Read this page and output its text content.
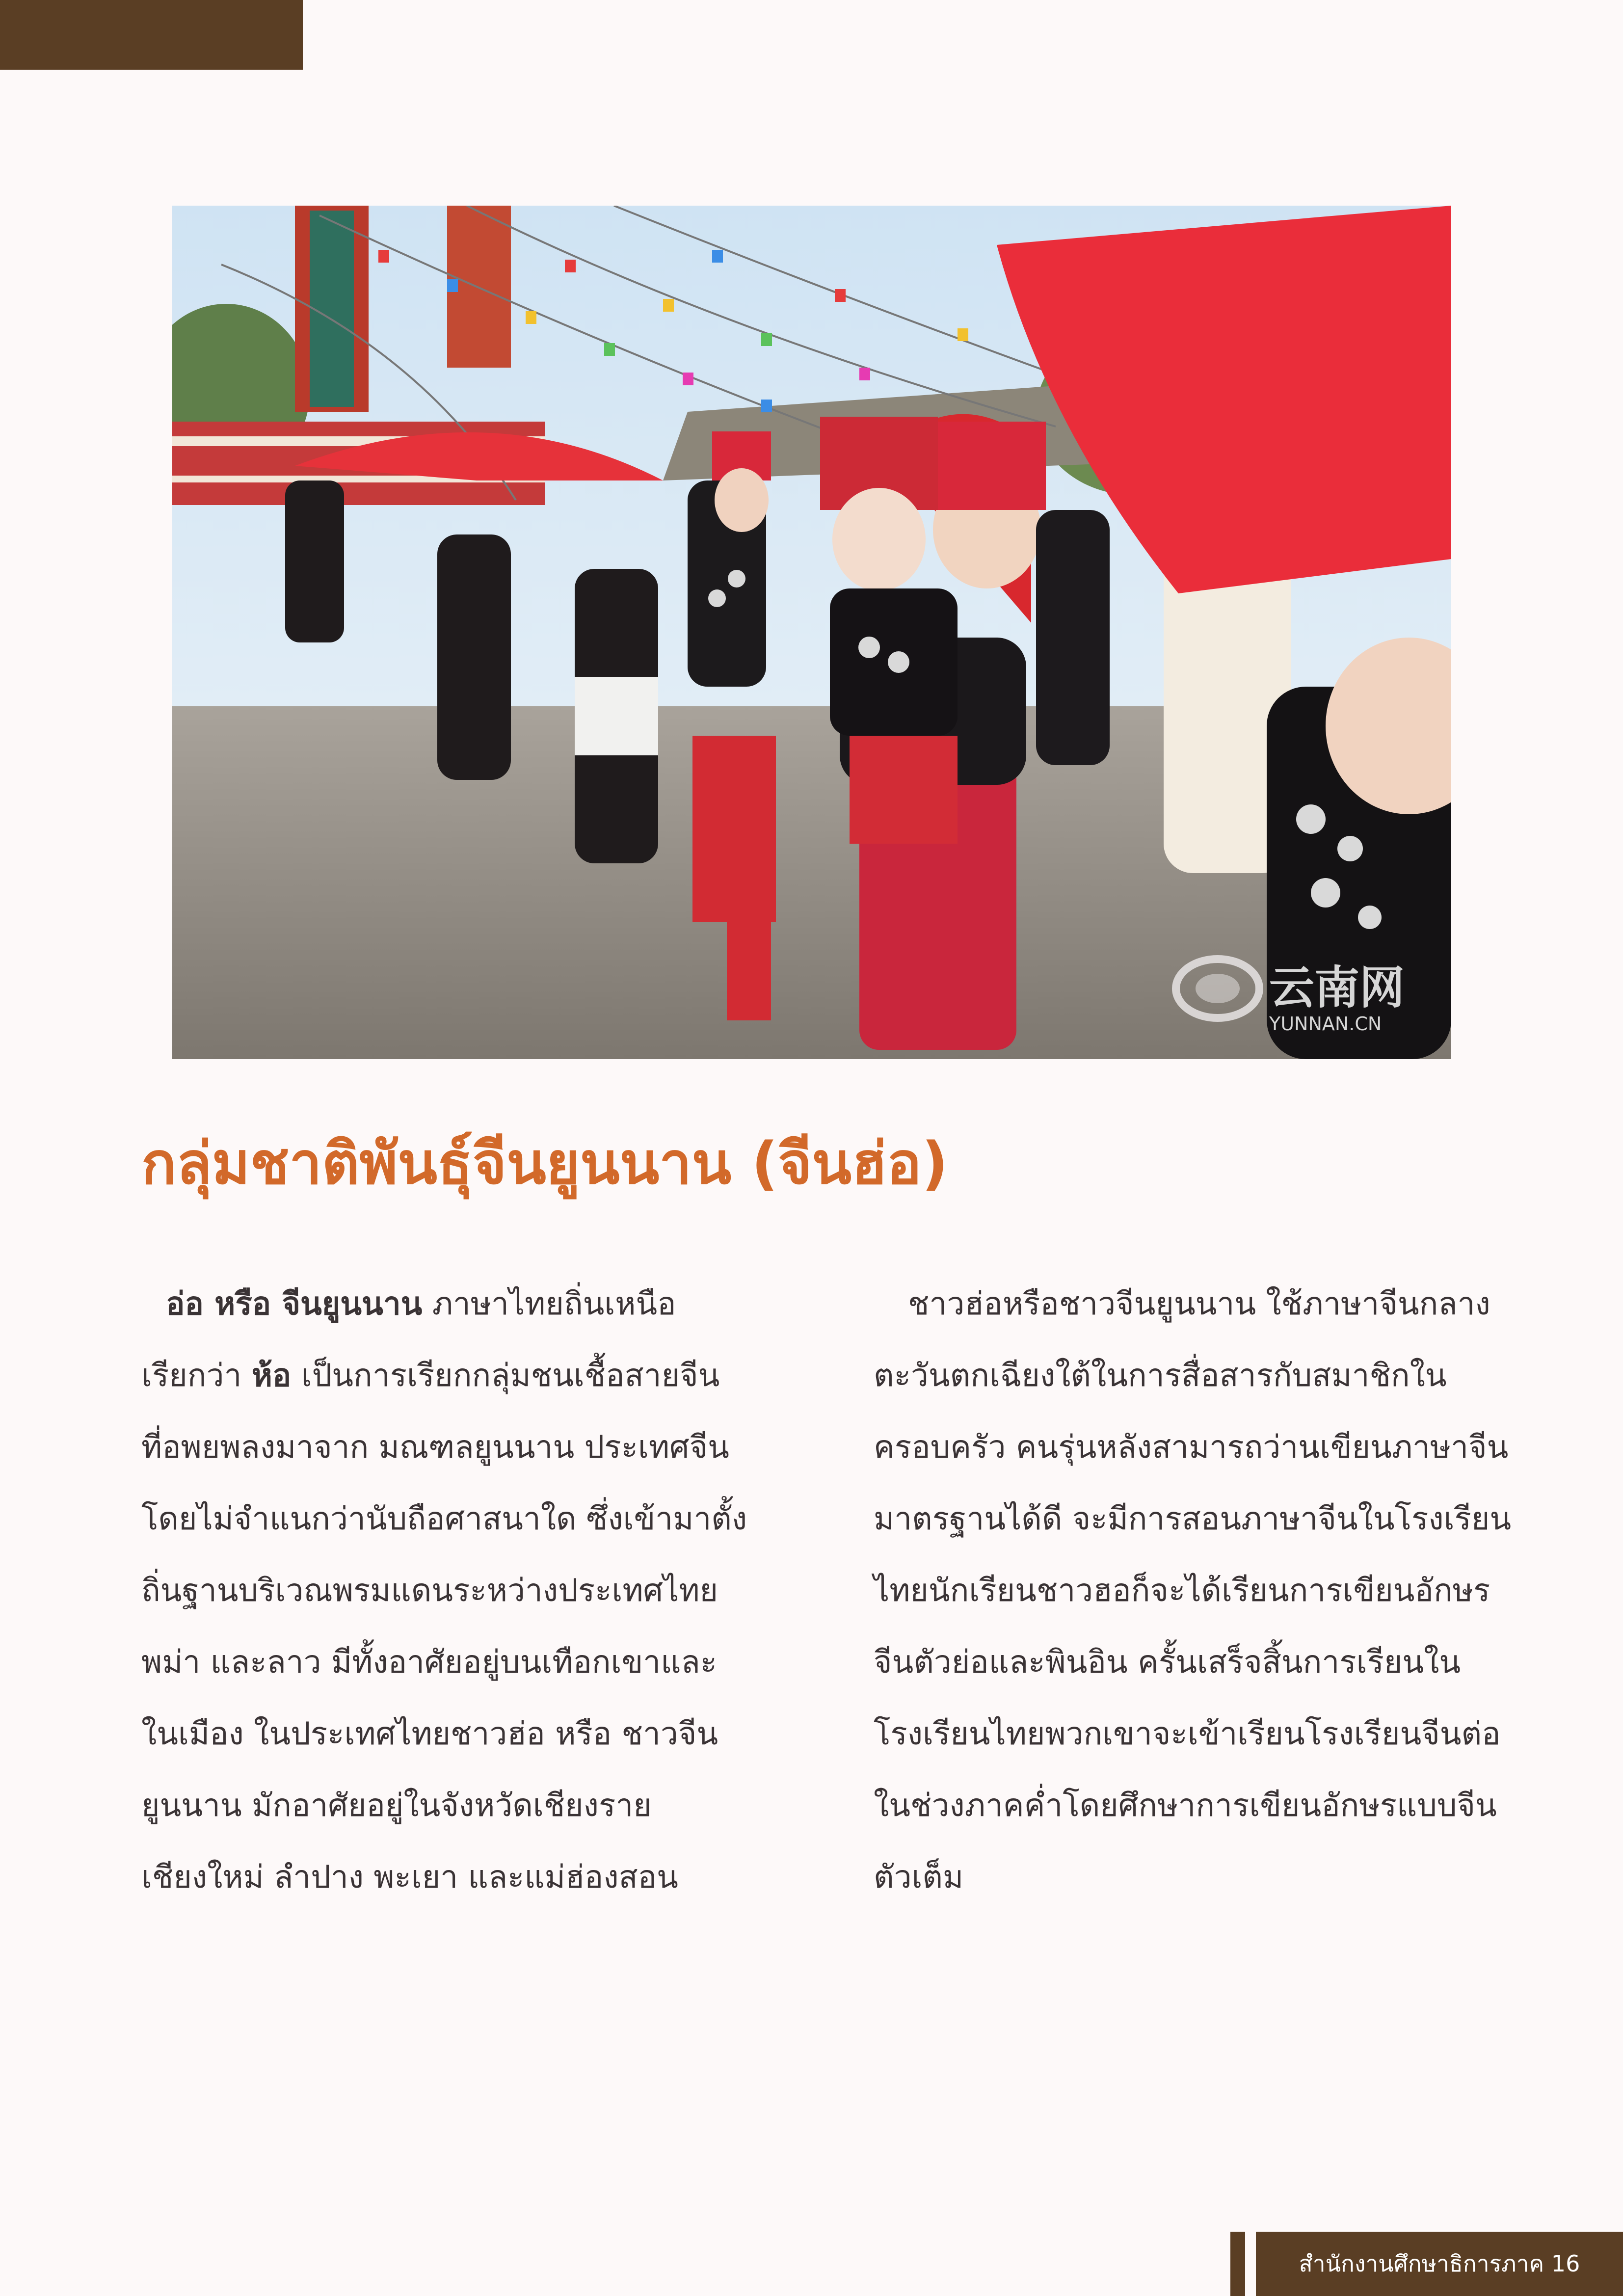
云南网
YUNNAN.CN
กลุ่มชาติพันธุ์จีนยูนนาน (จีนฮ่อ)

อ่อ หรือ จีนยูนนาน ภาษาไทยถิ่นเหนือ
เรียกว่า ห้อ เป็นการเรียกกลุ่มชนเชื้อสายจีน
ที่อพยพลงมาจาก มณฑลยูนนาน ประเทศจีน
โดยไม่จำแนกว่านับถือศาสนาใด ซึ่งเข้ามาตั้ง
ถิ่นฐานบริเวณพรมแดนระหว่างประเทศไทย
พม่า และลาว มีทั้งอาศัยอยู่บนเทือกเขาและ
ในเมือง ในประเทศไทยชาวฮ่อ หรือ ชาวจีน
ยูนนาน มักอาศัยอยู่ในจังหวัดเชียงราย
เชียงใหม่ ลำปาง พะเยา และแม่ฮ่องสอน

ชาวฮ่อหรือชาวจีนยูนนาน ใช้ภาษาจีนกลาง
ตะวันตกเฉียงใต้ในการสื่อสารกับสมาชิกใน
ครอบครัว คนรุ่นหลังสามารถว่านเขียนภาษาจีน
มาตรฐานได้ดี จะมีการสอนภาษาจีนในโรงเรียน
ไทยนักเรียนชาวฮอก็จะได้เรียนการเขียนอักษร
จีนตัวย่อและพินอิน ครั้นเสร็จสิ้นการเรียนใน
โรงเรียนไทยพวกเขาจะเข้าเรียนโรงเรียนจีนต่อ
ในช่วงภาคค่ำโดยศึกษาการเขียนอักษรแบบจีน
ตัวเต็ม

สำนักงานศึกษาธิการภาค 16
